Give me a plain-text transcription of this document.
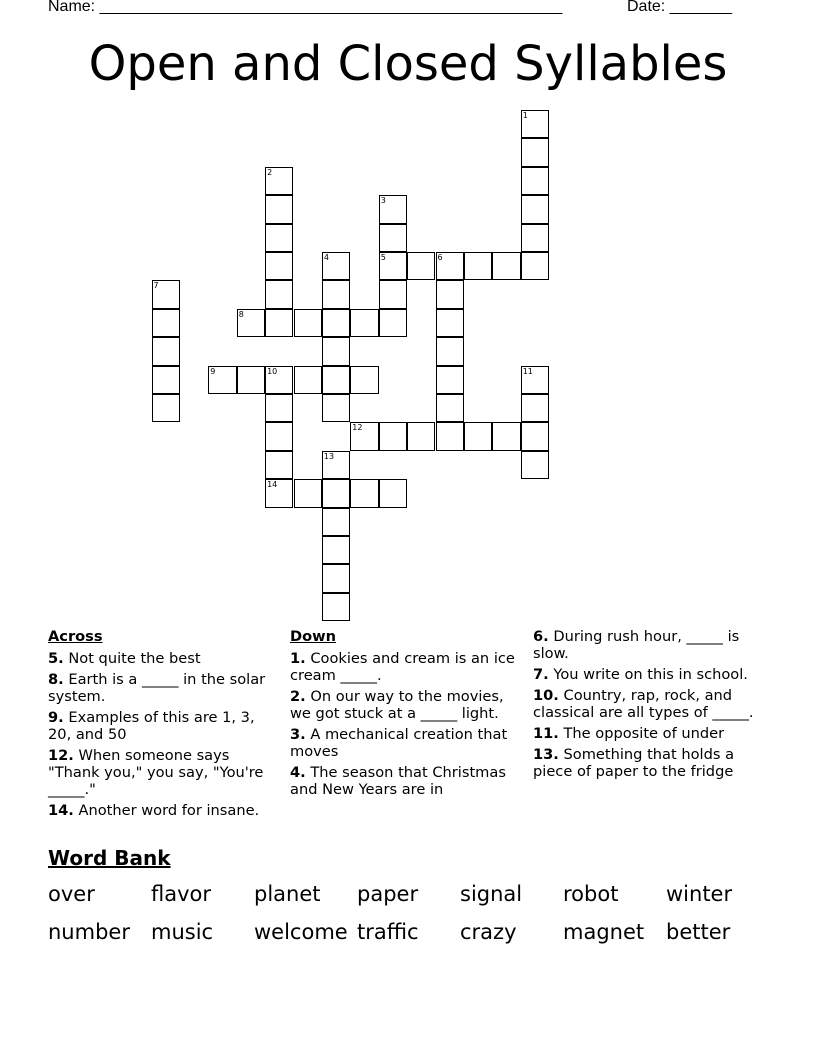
Name: ____________________________________________________	Date: _______
Open and Closed Syllables
1
2
3
5
4	6
7
8
9	10
14
11
12
13
Across
5. Not quite the best
8. Earth is a _____ in the solar system.
9. Examples of this are 1, 3, 20, and 50
12. When someone says "Thank you," you say, "You're _____."
14. Another word for insane.
Down
1. Cookies and cream is an ice cream _____.
2. On our way to the movies, we got stuck at a _____ light.
3. A mechanical creation that moves
4. The season that Christmas and New Years are in
6. During rush hour, _____ is slow.
7. You write on this in school.
10. Country, rap, rock, and classical are all types of _____.
11. The opposite of under
13. Something that holds a piece of paper to the fridge
Word Bank
over	flavor planet paper signal robot winter
number music welcome traffic crazy magnet better
